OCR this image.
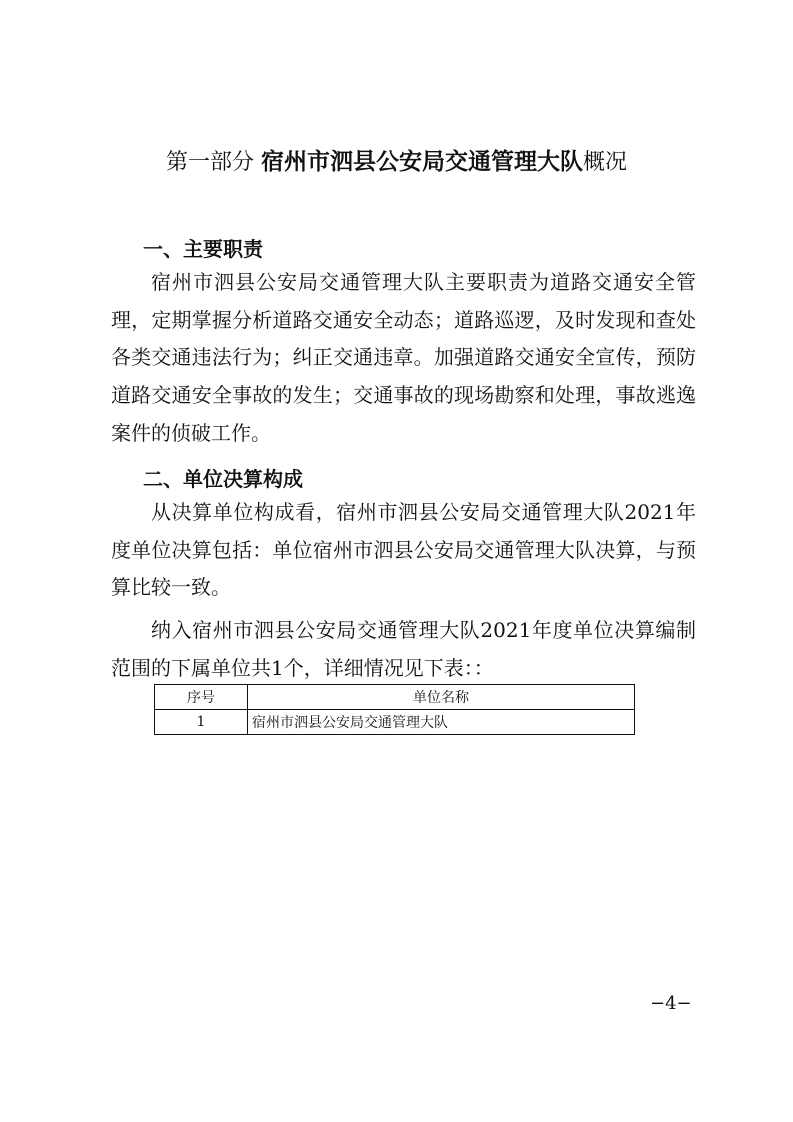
第一部分 宿州市泗县公安局交通管理大队概况
一、主要职责

宿州市泗县公安局交通管理大队主要职责为道路交通安全管理，定期掌握分析道路交通安全动态；道路巡逻，及时发现和查处各类交通违法行为；纠正交通违章。加强道路交通安全宣传，预防道路交通安全事故的发生；交通事故的现场勘察和处理，事故逃逸案件的侦破工作。

二、单位决算构成

从决算单位构成看，宿州市泗县公安局交通管理大队2021年度单位决算包括：单位宿州市泗县公安局交通管理大队决算，与预算比较一致。

纳入宿州市泗县公安局交通管理大队2021年度单位决算编制范围的下属单位共1个，详细情况见下表：：

序号	单位名称
1	宿州市泗县公安局交通管理大队
−4−
